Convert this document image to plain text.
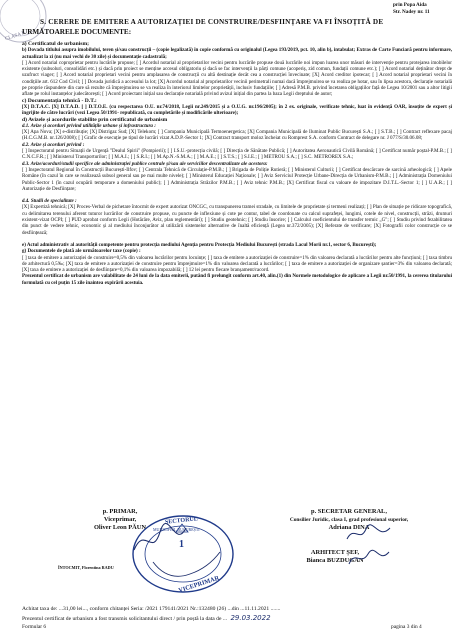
CLASA II
prin Popa Aida
Str. Nadey nr. 11
S. CERERE DE EMITERE A AUTORIZAȚIEI DE CONSTRUIRE/DESFIINȚARE VA FI ÎNSOȚITĂ DE
URMĂTOARELE DOCUMENTE:

a) Certificatul de urbanism;

b) Dovada titlului asupra imobilului, teren și/sau construcții – (copie legalizată) în copie conformă cu originalul (Legea 193/2019, pct. 10, alin b), intabulat; Extras de Carte Funciară pentru informare, actualizat la zi (nu mai vechi de 30 zile) și documentație cadastrală;

[ ] Acord notarial coproprietar pentru lucrările propuse; [ ] Acordul notarial al proprietarilor vecini pentru lucrările propuse două lucrările noi impun luarea unor măsuri de intervenție pentru protejarea imobilelor existente (subsoluri, consolidări etc.) și dacă prin proiect se menține accesul obligatoriu și dacă se fac intervenții la părți comune (acoperiș, zid comun, fundații comune etc.); [ ] Acord notarial deținător drept de uzufruct viager; [ ] Acord notarial proprietari vecini pentru amplasarea de construcții cu altă destinație decât cea a construcției învecinate; [X] Acord creditor ipotecar; [ ] Acord notarial proprietari vecini în condițiile art. 612 Cod Civil; [ ] Dovada juridică a accesului la lot; [X] Acordul notarial al proprietarilor vecinii perimetrali numai dacă împrejmuirea se va realiza pe hotar, sau în lipsa acestora, declarație notarială pe proprie răspundere din care să rezulte că împrejmuirea se va realiza în interiorul limitelor proprietății, inclusiv fundațiile; [ ] Adresă P.M.B. privind încetarea obligațiilor față de Legea 10/2001 sau a altor litigii aflate pe rolul instanțelor judecătorești; [ ] Acord proiectant inițial sau declarație notarială privind avizul inițial din partea la baza Legii dreptului de autor;

c) Documentația tehnică - D.T.:

[X] D.T.A.C. [X] D.T.A.D. [ ] D.T.O.E. (cu respectarea O.U. nr.74/2018, Legii nr.249/2015 și a O.U.G. nr.196/2005); în 2 ex. originale, verificate tehnic, luat în evidență OAR, însoțite de expert și îngrijite de către lucrări (vezi Legea 50/1991- republicată, cu completările și modificările ulterioare);

d) Avizele și acordurile stabilite prin certificatul de urbanism

d.1. Avize și acorduri privind utilitățile urbane și infrastructura :

[X] Apa Nova; [X] e-distribuție; [X] Distrigaz Sud; [X] Telekom; [ ] Compania Municipală Termoenergetica; [X] Compania Municipală de Iluminat Public Bucureşti S.A.; [ ] S.T.B.; [ ] Contract reflexare pacaj (H.C.G.M.B. nr.126/2008); [ ] Grafic de execuție pe tipul de lucrări vizat A.D.P.-Sector 1; [X] Contract transport moloz încheiat cu Romprest S.A. conform Contract de delegare nr. J 077/S/30.06.08;

d.2. Avize și acorduri privind :

[ ] Inspectoratul pentru Situații de Urgență "Dealul Spirii" (Pompierii); [ ] I.S.U.-protecția civilă; [ ] Direcția de Sănătate Publică; [ ] Autoritatea Aeronautică Civilă Română; [ ] Certificat număr poștal-P.M.B.; [ ] C.N.C.F.R.; [ ] Ministerul Transporturilor; [ ] M.A.I.; [ ] S.R.I.; [ ] M.Ap.N.-S.M.A.; [ ] M.A.E.; [ ] S.T.S.; [ ] S.I.E.; [ ] METROU S.A.; [ ] S.C. METROREX S.A.;

d.3. Avize/acorduri/studii specifice ale administrației publice centrale și/sau ale serviciilor descentralizate ale acestora:

[ ] Inspectoratul Regional în Construcții București-Ilfov; [ ] Centrala Tehnică de Circulație-P.M.B.; [ ] Brigada de Poliție Rutieră; [ ] Ministerul Culturii; [ ] Certificat descărcare de sarcină arheologică; [ ] Apele Române (în cazul în care se realizează subsol general sau pe mai multe nivele); [ ] Ministerul Educației Naționale; [ ] Aviz Serviciul Protecție Urbane-Direcția de Urbanism-P.M.B.; [ ] Administrația Domeniului Public-Sector 1 (în cazul ocupării temporare a domeniului public); [ ] Administrația Străzilor P.M.B.; [ ] Aviz tehnic P.M.B.; [X] Certificat fiscal cu valoare de impozitare D.I.T.L.-Sector 1; [ ] U.A.R.; [ ] Autorizație de Desființare;

d.4. Studii de specialitate :

[X] Expertiză tehnică; [X] Proces-Verbal de pichetare întocmit de expert autorizat ONCGC, cu transpunerea tramei stradale, cu limitele de proprietate și termeni realizați; [ ] Plan de situație pe ridicare topografică, cu delimitarea terenului aferent tuturor lucrărilor de construire propuse, cu puncte de inflexiune și cote pe contur, tabel de coordonate cu calcul suprafeței, lungimi, cotele de nivel, construcții, străzi, drumuri existent-vizat OCPI; [ ] PUD aprobat conform Legii (Hotărâre, Aviz, plan reglementări); [ ] Studiu geotehnic; [ ] Studiu însorire; [ ] Calculul coeficientului de transfer termic „G"; [ ] Studiu privind fezabilitatea din punct de vedere tehnic, economic și al mediului înconjurător al utilizării sistemelor alternative de înaltă eficiență (Legea nr.372/2005); [X] Referate de verificare; [X] Fotografii color construcție ce se desființează;

e) Actul administrativ al autorității competente pentru protecția mediului Agenția pentru Protecția Mediului București (strada Lacul Morii nr.1, sector 6, București);

g) Documentele de plată ale următoarelor taxe (copie) :

[ ] taxa de emitere a autorizației de construire=0,5% din valoarea lucrărilor pentru locuințe; [ ] taxa de emitere a autorizației de construire=1% din valoarea declarată a lucrărilor pentru alte funcțiuni; [ ] taxa timbru de arhitectură 0,5‰; [X] taxa de emitere a autorizației de construire pentru împrejmuire=1% din valoarea declarată a lucrărilor; [ ] taxa de emitere a autorizației de organizare șantier=3% din valoarea declarată; [X] taxa de emitere a autorizației de desființare=0,1% din valoarea impozabilă; [ ] 12 lei pentru fiecare branșament/racord.

Prezentul certificat de urbanism are valabilitate de 24 luni de la data emiterii, putând fi prelungit conform art.40, alin.(1) din Normele metodologice de aplicare a Legii nr.50/1991, la cererea titularului formulată cu cel puțin 15 zile înaintea expirării acestuia.

p. PRIMAR,
Viceprimar,
Oliver Leon PĂUN
p. SECRETAR GENERAL,
Consilier Juridic, clasa I, grad profesional superior,
Adriana DINA
ARHITECT ȘEF,
Bianca BUZDUGAN
SECTORUL
MUNICIPIUL BUCUREȘTI
1
VICEPRIMAR
ÎNTOCMIT, Florentina RADU
Achitat taxa de: ...31,00 lei..., conform chitanței Seria: /2021 179141/2021 Nr.:132480 (26) ...din ...11.11.2021 .......
Prezentul certificat de urbanism a fost transmis solicitantului direct / prin poștă la data de ... 29.03.2022
Formular 6	pagina 3 din 4
